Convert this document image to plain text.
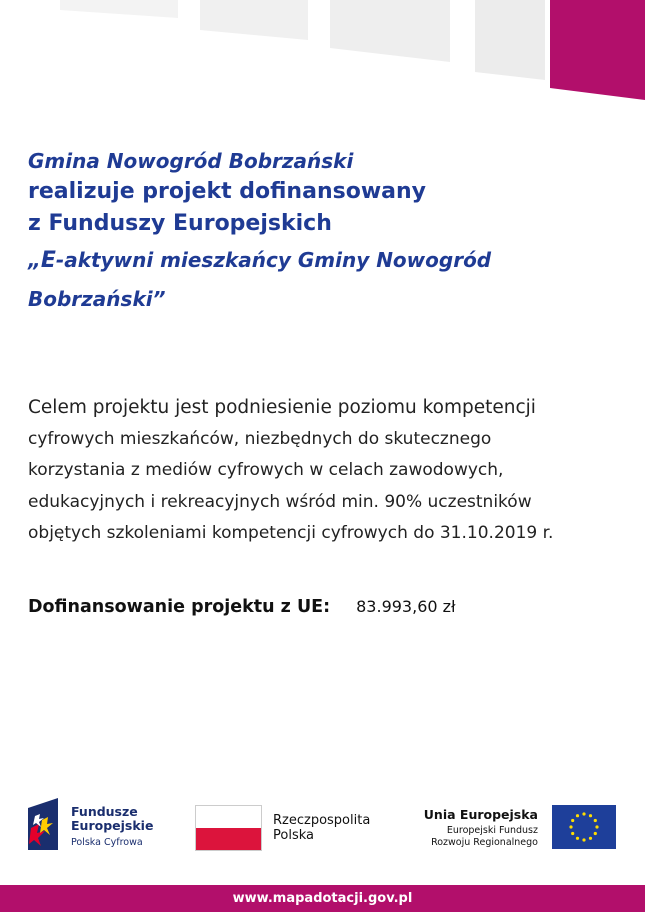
Gmina Nowogród Bobrzański
realizuje projekt dofinansowany
z Funduszy Europejskich
„E-aktywni mieszkańcy Gminy Nowogród
Bobrzański”
Celem projektu jest podniesienie poziomu kompetencji
cyfrowych mieszkańców, niezbędnych do skutecznego
korzystania z mediów cyfrowych w celach zawodowych,
edukacyjnych i rekreacyjnych wśród min. 90% uczestników
objętych szkoleniami kompetencji cyfrowych do 31.10.2019 r.
Dofinansowanie projektu z UE: 83.993,60 zł
Fundusze
Europejskie
Polska Cyfrowa
Rzeczpospolita
Polska
Unia Europejska
Europejski Fundusz
Rozwoju Regionalnego
www.mapadotacji.gov.pl
